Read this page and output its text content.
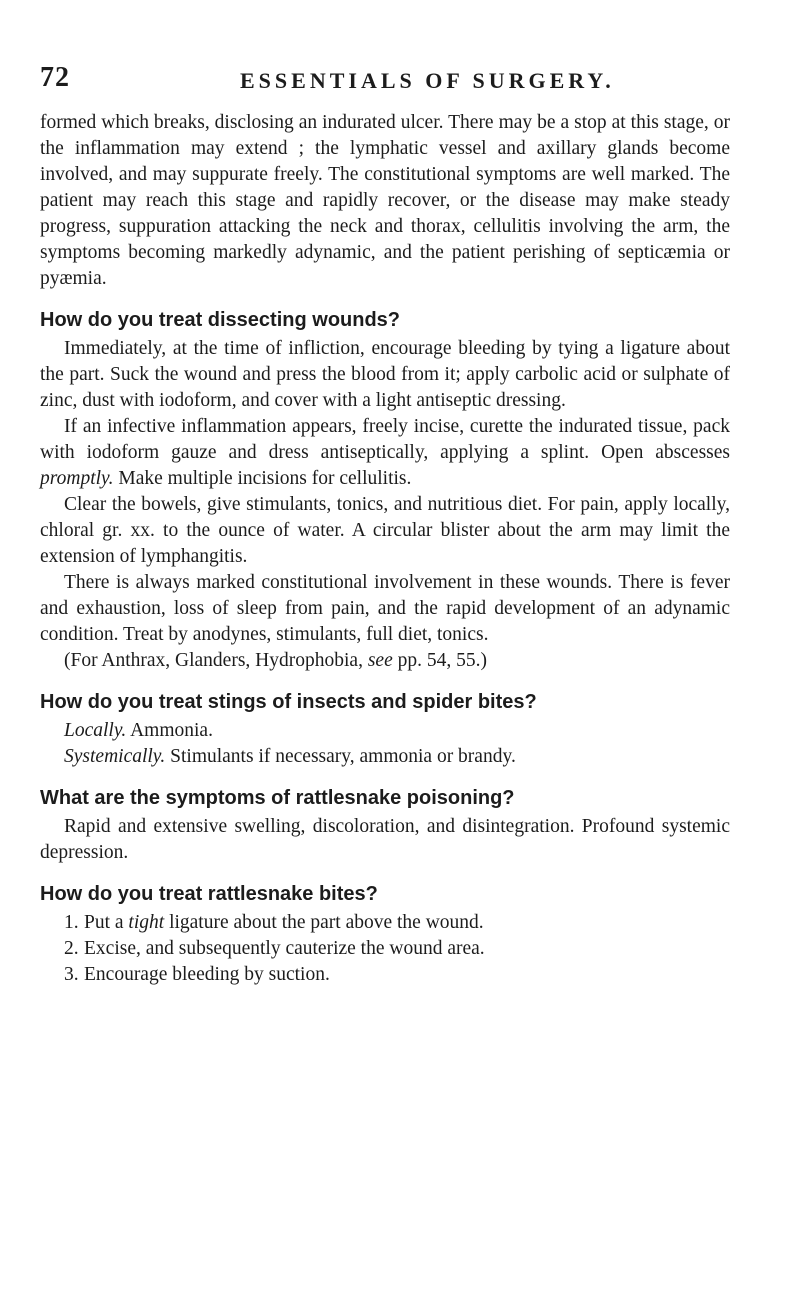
72	ESSENTIALS OF SURGERY.

formed which breaks, disclosing an indurated ulcer. There may be a stop at this stage, or the inflammation may extend ; the lymphatic vessel and axillary glands become involved, and may suppurate freely. The constitutional symptoms are well marked. The patient may reach this stage and rapidly recover, or the disease may make steady progress, suppuration attacking the neck and thorax, cellulitis involving the arm, the symptoms becoming markedly adynamic, and the patient perishing of septicæmia or pyæmia.

How do you treat dissecting wounds?

Immediately, at the time of infliction, encourage bleeding by tying a ligature about the part. Suck the wound and press the blood from it; apply carbolic acid or sulphate of zinc, dust with iodoform, and cover with a light antiseptic dressing.

If an infective inflammation appears, freely incise, curette the indurated tissue, pack with iodoform gauze and dress antiseptically, applying a splint. Open abscesses promptly. Make multiple incisions for cellulitis.

Clear the bowels, give stimulants, tonics, and nutritious diet. For pain, apply locally, chloral gr. xx. to the ounce of water. A circular blister about the arm may limit the extension of lymphangitis.

There is always marked constitutional involvement in these wounds. There is fever and exhaustion, loss of sleep from pain, and the rapid development of an adynamic condition. Treat by anodynes, stimulants, full diet, tonics.

(For Anthrax, Glanders, Hydrophobia, see pp. 54, 55.)

How do you treat stings of insects and spider bites?

Locally. Ammonia.

Systemically. Stimulants if necessary, ammonia or brandy.

What are the symptoms of rattlesnake poisoning?

Rapid and extensive swelling, discoloration, and disintegration. Profound systemic depression.

How do you treat rattlesnake bites?
1. Put a tight ligature about the part above the wound.
2. Excise, and subsequently cauterize the wound area.
3. Encourage bleeding by suction.
